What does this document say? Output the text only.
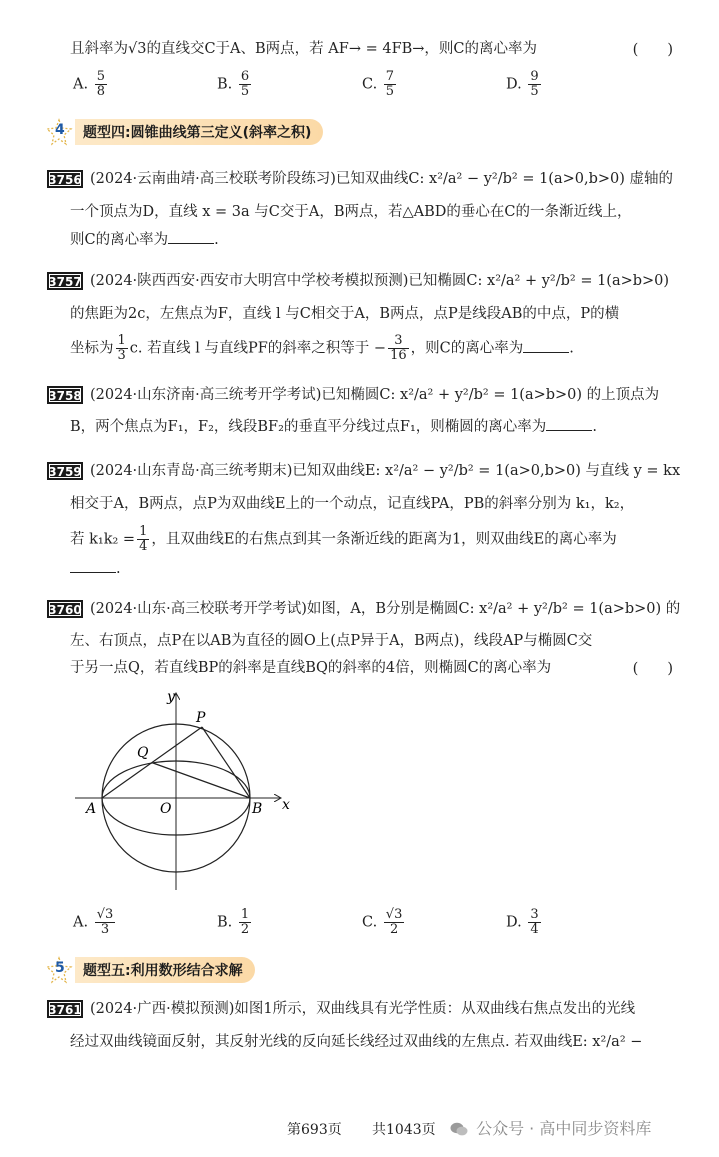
且斜率为√3的直线交C于A、B两点，若 AF→ = 4FB→，则C的离心率为	(　　)
A. $\frac{5}{8}$	B. $\frac{6}{5}$	C. $\frac{7}{5}$	D. $\frac{9}{5}$
4	题型四:圆锥曲线第三定义(斜率之积)
3756 (2024·云南曲靖·高三校联考阶段练习)已知双曲线C: x²/a² − y²/b² = 1(a>0,b>0) 虚轴的
一个顶点为D，直线 x = 3a 与C交于A，B两点，若△ABD的垂心在C的一条渐近线上，
则C的离心率为	.
3757 (2024·陕西西安·西安市大明宫中学校考模拟预测)已知椭圆C: x²/a² + y²/b² = 1(a>b>0)
的焦距为2c，左焦点为F，直线 l 与C相交于A，B两点，点P是线段AB的中点，P的横
坐标为 $\frac{1}{3} c$. 若直线 l 与直线PF的斜率之积等于 − $\frac{3}{16}$ ，则C的离心率为	.
3758 (2024·山东济南·高三统考开学考试)已知椭圆C: x²/a² + y²/b² = 1(a>b>0) 的上顶点为
B，两个焦点为F₁，F₂，线段BF₂的垂直平分线过点F₁，则椭圆的离心率为	.
3759 (2024·山东青岛·高三统考期末)已知双曲线E: x²/a² − y²/b² = 1(a>0,b>0) 与直线 y = kx
相交于A，B两点，点P为双曲线E上的一个动点，记直线PA，PB的斜率分别为 k₁，k₂，
若 $k_1k_2 = \frac{1}{4}$ ，且双曲线E的右焦点到其一条渐近线的距离为1，则双曲线E的离心率为
.
3760 (2024·山东·高三校联考开学考试)如图，A，B分别是椭圆C: x²/a² + y²/b² = 1(a>b>0) 的
左、右顶点，点P在以AB为直径的圆O上(点P异于A，B两点)，线段AP与椭圆C交
于另一点Q，若直线BP的斜率是直线BQ的斜率的4倍，则椭圆C的离心率为	(　　)
y
x
P
Q
A	O	B
A. $\frac{√3}{3}$	B. $\frac{1}{2}$	C. $\frac{√3}{2}$	D. $\frac{3}{4}$
5	题型五:利用数形结合求解
3761 (2024·广西·模拟预测)如图1所示，双曲线具有光学性质：从双曲线右焦点发出的光线
经过双曲线镜面反射，其反射光线的反向延长线经过双曲线的左焦点. 若双曲线E: x²/a² −
第693页 共1043页	公众号 · 高中同步资料库
